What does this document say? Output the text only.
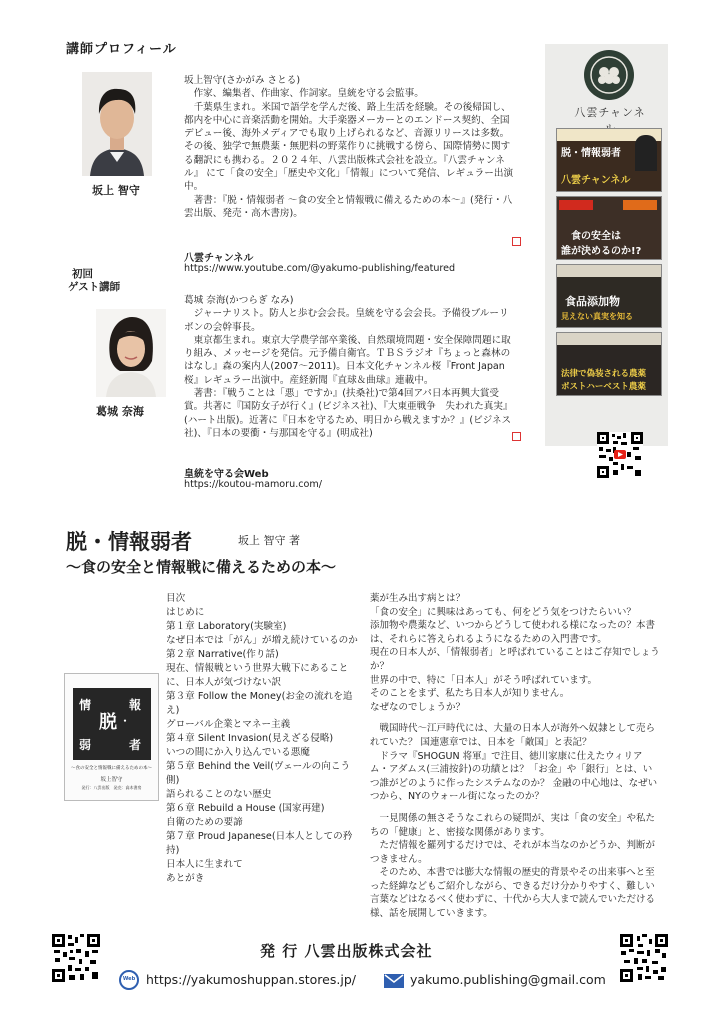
講師プロフィール
坂上 智守
坂上智守(さかがみ さとる)
作家、編集者、作曲家、作詞家。皇統を守る会監事。
千葉県生まれ。米国で語学を学んだ後、路上生活を経験。その後帰国し、都内を中心に音楽活動を開始。大手楽器メーカーとのエンドース契約、全国デビュー後、海外メディアでも取り上げられるなど、音源リリースは多数。その後、独学で無農薬・無肥料の野菜作りに挑戦する傍ら、国際情勢に関する翻訳にも携わる。２０２４年、八雲出版株式会社を設立。『八雲チャンネル』 にて「食の安全」「歴史や文化」「情報」について発信、レギュラー出演中。
著書：『脱・情報弱者 〜食の安全と情報戦に備えるための本〜』(発行・八雲出版、発売・高木書房)。
八雲チャンネル
https://www.youtube.com/@yakumo-publishing/featured
初回
ゲスト講師
葛城 奈海
葛城 奈海(かつらぎ なみ)
ジャーナリスト。防人と歩む会会長。皇統を守る会会長。予備役ブルーリボンの会幹事長。
東京都生まれ。東京大学農学部卒業後、自然環境問題・安全保障問題に取り組み、メッセージを発信。元予備自衛官。ＴＢＳラジオ『ちょっと森林のはなし』森の案内人(2007〜2011)。日本文化チャンネル桜『Front Japan桜』レギュラー出演中。産経新聞『直球＆曲球』連載中。
著書：『戦うことは「悪」ですか』(扶桑社)で第4回アパ日本再興大賞受賞。共著に『国防女子が行く』(ビジネス社)、『大東亜戦争　失われた真実』(ハート出版)。近著に『日本を守るため、明日から戦えますか？』(ビジネス社)、『日本の要衝・与那国を守る』(明成社)
皇統を守る会Web
https://koutou-mamoru.com/
八雲チャンネ
脱・情報弱者
八雲チャンネル
食の安全は
誰が決めるのか!?
食品添加物
見えない真実を知る
法律で偽装される農薬
ポストハーベスト農薬
脱・情報弱者	坂上 智守 著
〜食の安全と情報戦に備えるための本〜
情	報
脱 ・
弱	者
〜食の安全と情報戦に備えるための本〜
坂上智守
発行：八雲出版　発売：高木書房
目次
はじめに
第１章 Laboratory(実験室)
なぜ日本では「がん」が増え続けているのか
第２章 Narrative(作り話)
現在、情報戦という世界大戦下にあることに、日本人が気づけない訳
第３章 Follow the Money(お金の流れを追え)
グローバル企業とマネー主義
第４章 Silent Invasion(見えざる侵略)
いつの間にか入り込んでいる悪魔
第５章 Behind the Veil(ヴェールの向こう側)
語られることのない歴史
第６章 Rebuild a House (国家再建)
自衛のための要諦
第７章 Proud Japanese(日本人としての矜持)
日本人に生まれて
あとがき
薬が生み出す病とは？
「食の安全」に興味はあっても、何をどう気をつけたらいい？
添加物や農薬など、いつからどうして使われる様になったの？本書は、それらに答えられるようになるための入門書です。
現在の日本人が、「情報弱者」と呼ばれていることはご存知でしょうか？
世界の中で、特に「日本人」がそう呼ばれています。
そのことをまず、私たち日本人が知りません。
なぜなのでしょうか？
戦国時代〜江戸時代には、大量の日本人が海外へ奴隷として売られていた？ 国連憲章では、日本を「敵国」と表記？
ドラマ『SHOGUN 将軍』で注目、徳川家康に仕えたウィリアム・アダムス(三浦按針)の功績とは？「お金」や「銀行」とは、いつ誰がどのように作ったシステムなのか？ 金融の中心地は、なぜいつから、NYのウォール街になったのか？
一見関係の無さそうなこれらの疑問が、実は「食の安全」や私たちの「健康」と、密接な関係があります。
ただ情報を羅列するだけでは、それが本当なのかどうか、判断がつきません。
そのため、本書では膨大な情報の歴史的背景やその出来事へと至った経緯などもご紹介しながら、できるだけ分かりやすく、難しい言葉などはなるべく使わずに、十代から大人まで読んでいただける様、話を展開していきます。
発 行 八雲出版株式会社
Web https://yakumoshuppan.stores.jp/	yakumo.publishing@gmail.com
